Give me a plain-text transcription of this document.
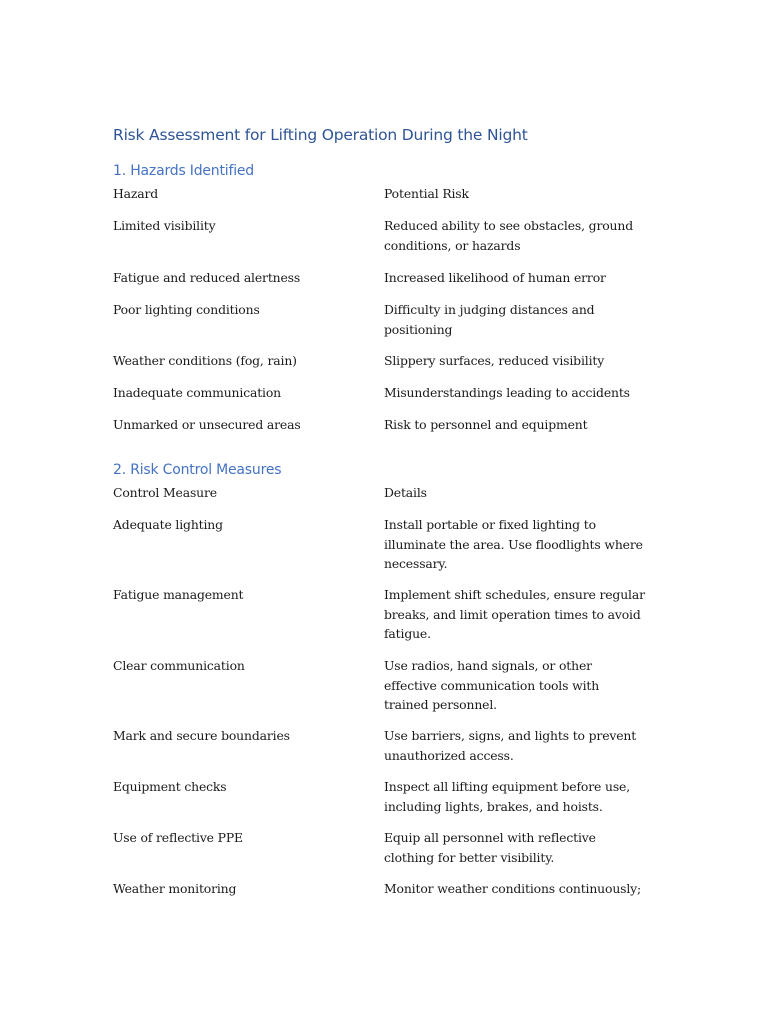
Risk Assessment for Lifting Operation During the Night
1. Hazards Identified
Hazard	Potential Risk
Limited visibility	Reduced ability to see obstacles, ground conditions, or hazards
Fatigue and reduced alertness	Increased likelihood of human error
Poor lighting conditions	Difficulty in judging distances and positioning
Weather conditions (fog, rain)	Slippery surfaces, reduced visibility
Inadequate communication	Misunderstandings leading to accidents
Unmarked or unsecured areas	Risk to personnel and equipment
2. Risk Control Measures
Control Measure	Details
Adequate lighting	Install portable or fixed lighting to illuminate the area. Use floodlights where necessary.
Fatigue management	Implement shift schedules, ensure regular breaks, and limit operation times to avoid fatigue.
Clear communication	Use radios, hand signals, or other effective communication tools with trained personnel.
Mark and secure boundaries	Use barriers, signs, and lights to prevent unauthorized access.
Equipment checks	Inspect all lifting equipment before use, including lights, brakes, and hoists.
Use of reflective PPE	Equip all personnel with reflective clothing for better visibility.
Weather monitoring	Monitor weather conditions continuously;
